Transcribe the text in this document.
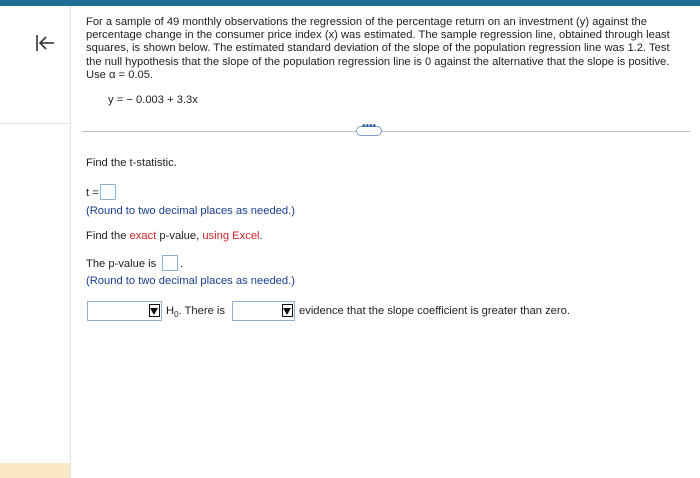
For a sample of 49 monthly observations the regression of the percentage return on an investment (y) against the percentage change in the consumer price index (x) was estimated. The sample regression line, obtained through least squares, is shown below. The estimated standard deviation of the slope of the population regression line was 1.2. Test the null hypothesis that the slope of the population regression line is 0 against the alternative that the slope is positive. Use α = 0.05.
y = − 0.003 + 3.3x
••••
Find the t-statistic.
t =
(Round to two decimal places as needed.)
Find the exact p-value, using Excel.
The p-value is .
(Round to two decimal places as needed.)
$H_0$. There is	evidence that the slope coefficient is greater than zero.
